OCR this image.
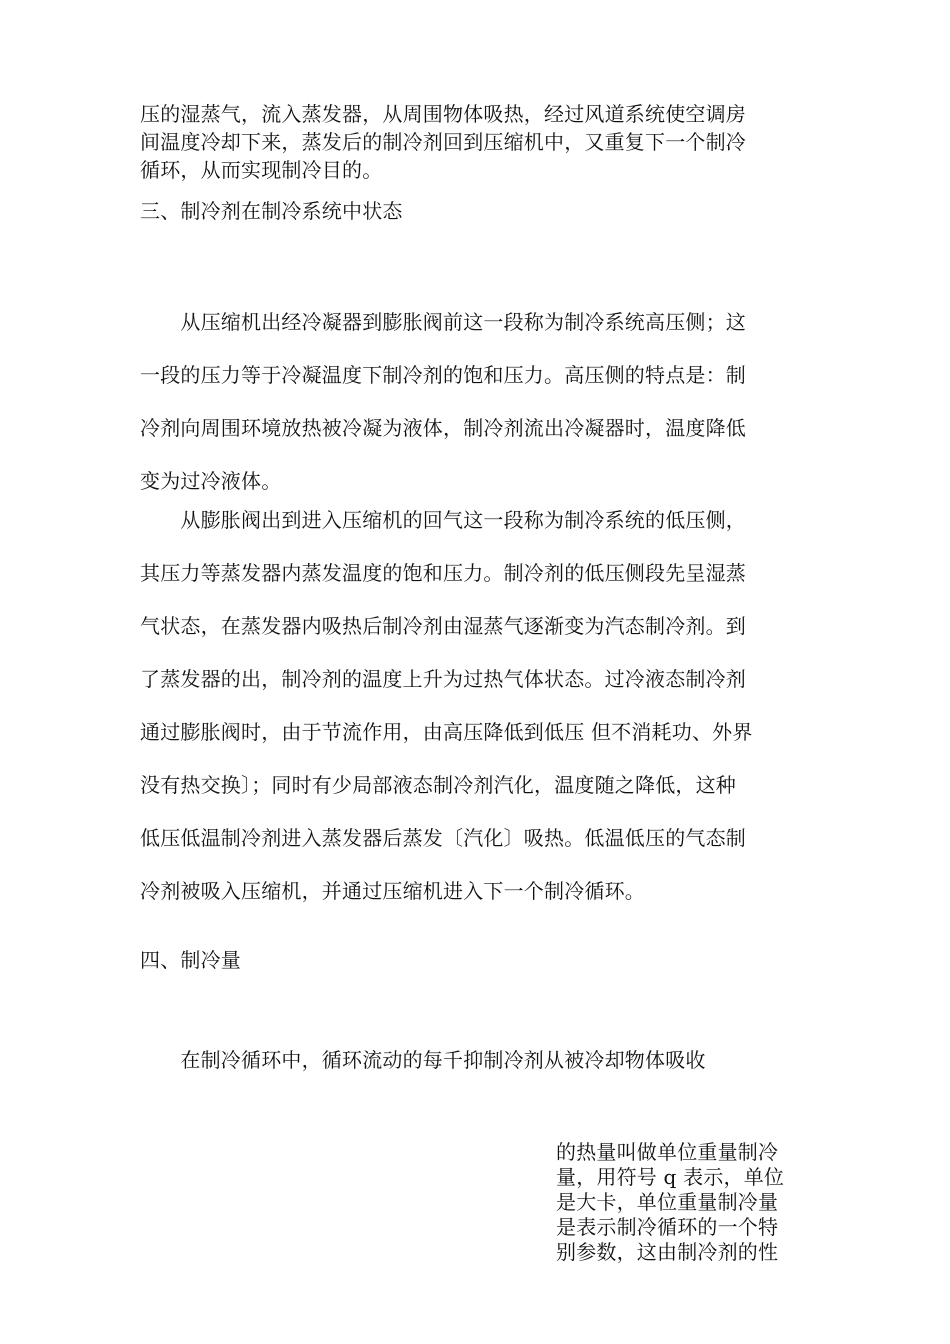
压的湿蒸气，流入蒸发器，从周围物体吸热，经过风道系统使空调房
间温度冷却下来，蒸发后的制冷剂回到压缩机中，又重复下一个制冷
循环，从而实现制冷目的。

三、制冷剂在制冷系统中状态

　　从压缩机出经冷凝器到膨胀阀前这一段称为制冷系统高压侧；这
一段的压力等于冷凝温度下制冷剂的饱和压力。高压侧的特点是：制
冷剂向周围环境放热被冷凝为液体，制冷剂流出冷凝器时，温度降低
变为过冷液体。

　　从膨胀阀出到进入压缩机的回气这一段称为制冷系统的低压侧，
其压力等蒸发器内蒸发温度的饱和压力。制冷剂的低压侧段先呈湿蒸
气状态，在蒸发器内吸热后制冷剂由湿蒸气逐渐变为汽态制冷剂。到
了蒸发器的出，制冷剂的温度上升为过热气体状态。过冷液态制冷剂
通过膨胀阀时，由于节流作用，由高压降低到低压 但不消耗功、外界
没有热交换〕；同时有少局部液态制冷剂汽化，温度随之降低，这种
低压低温制冷剂进入蒸发器后蒸发〔汽化〕吸热。低温低压的气态制
冷剂被吸入压缩机，并通过压缩机进入下一个制冷循环。

四、制冷量

　　在制冷循环中，循环流动的每千抑制冷剂从被冷却物体吸收

的热量叫做单位重量制冷
量，用符号 q 表示，单位
是大卡，单位重量制冷量
是表示制冷循环的一个特
别参数，这由制冷剂的性
